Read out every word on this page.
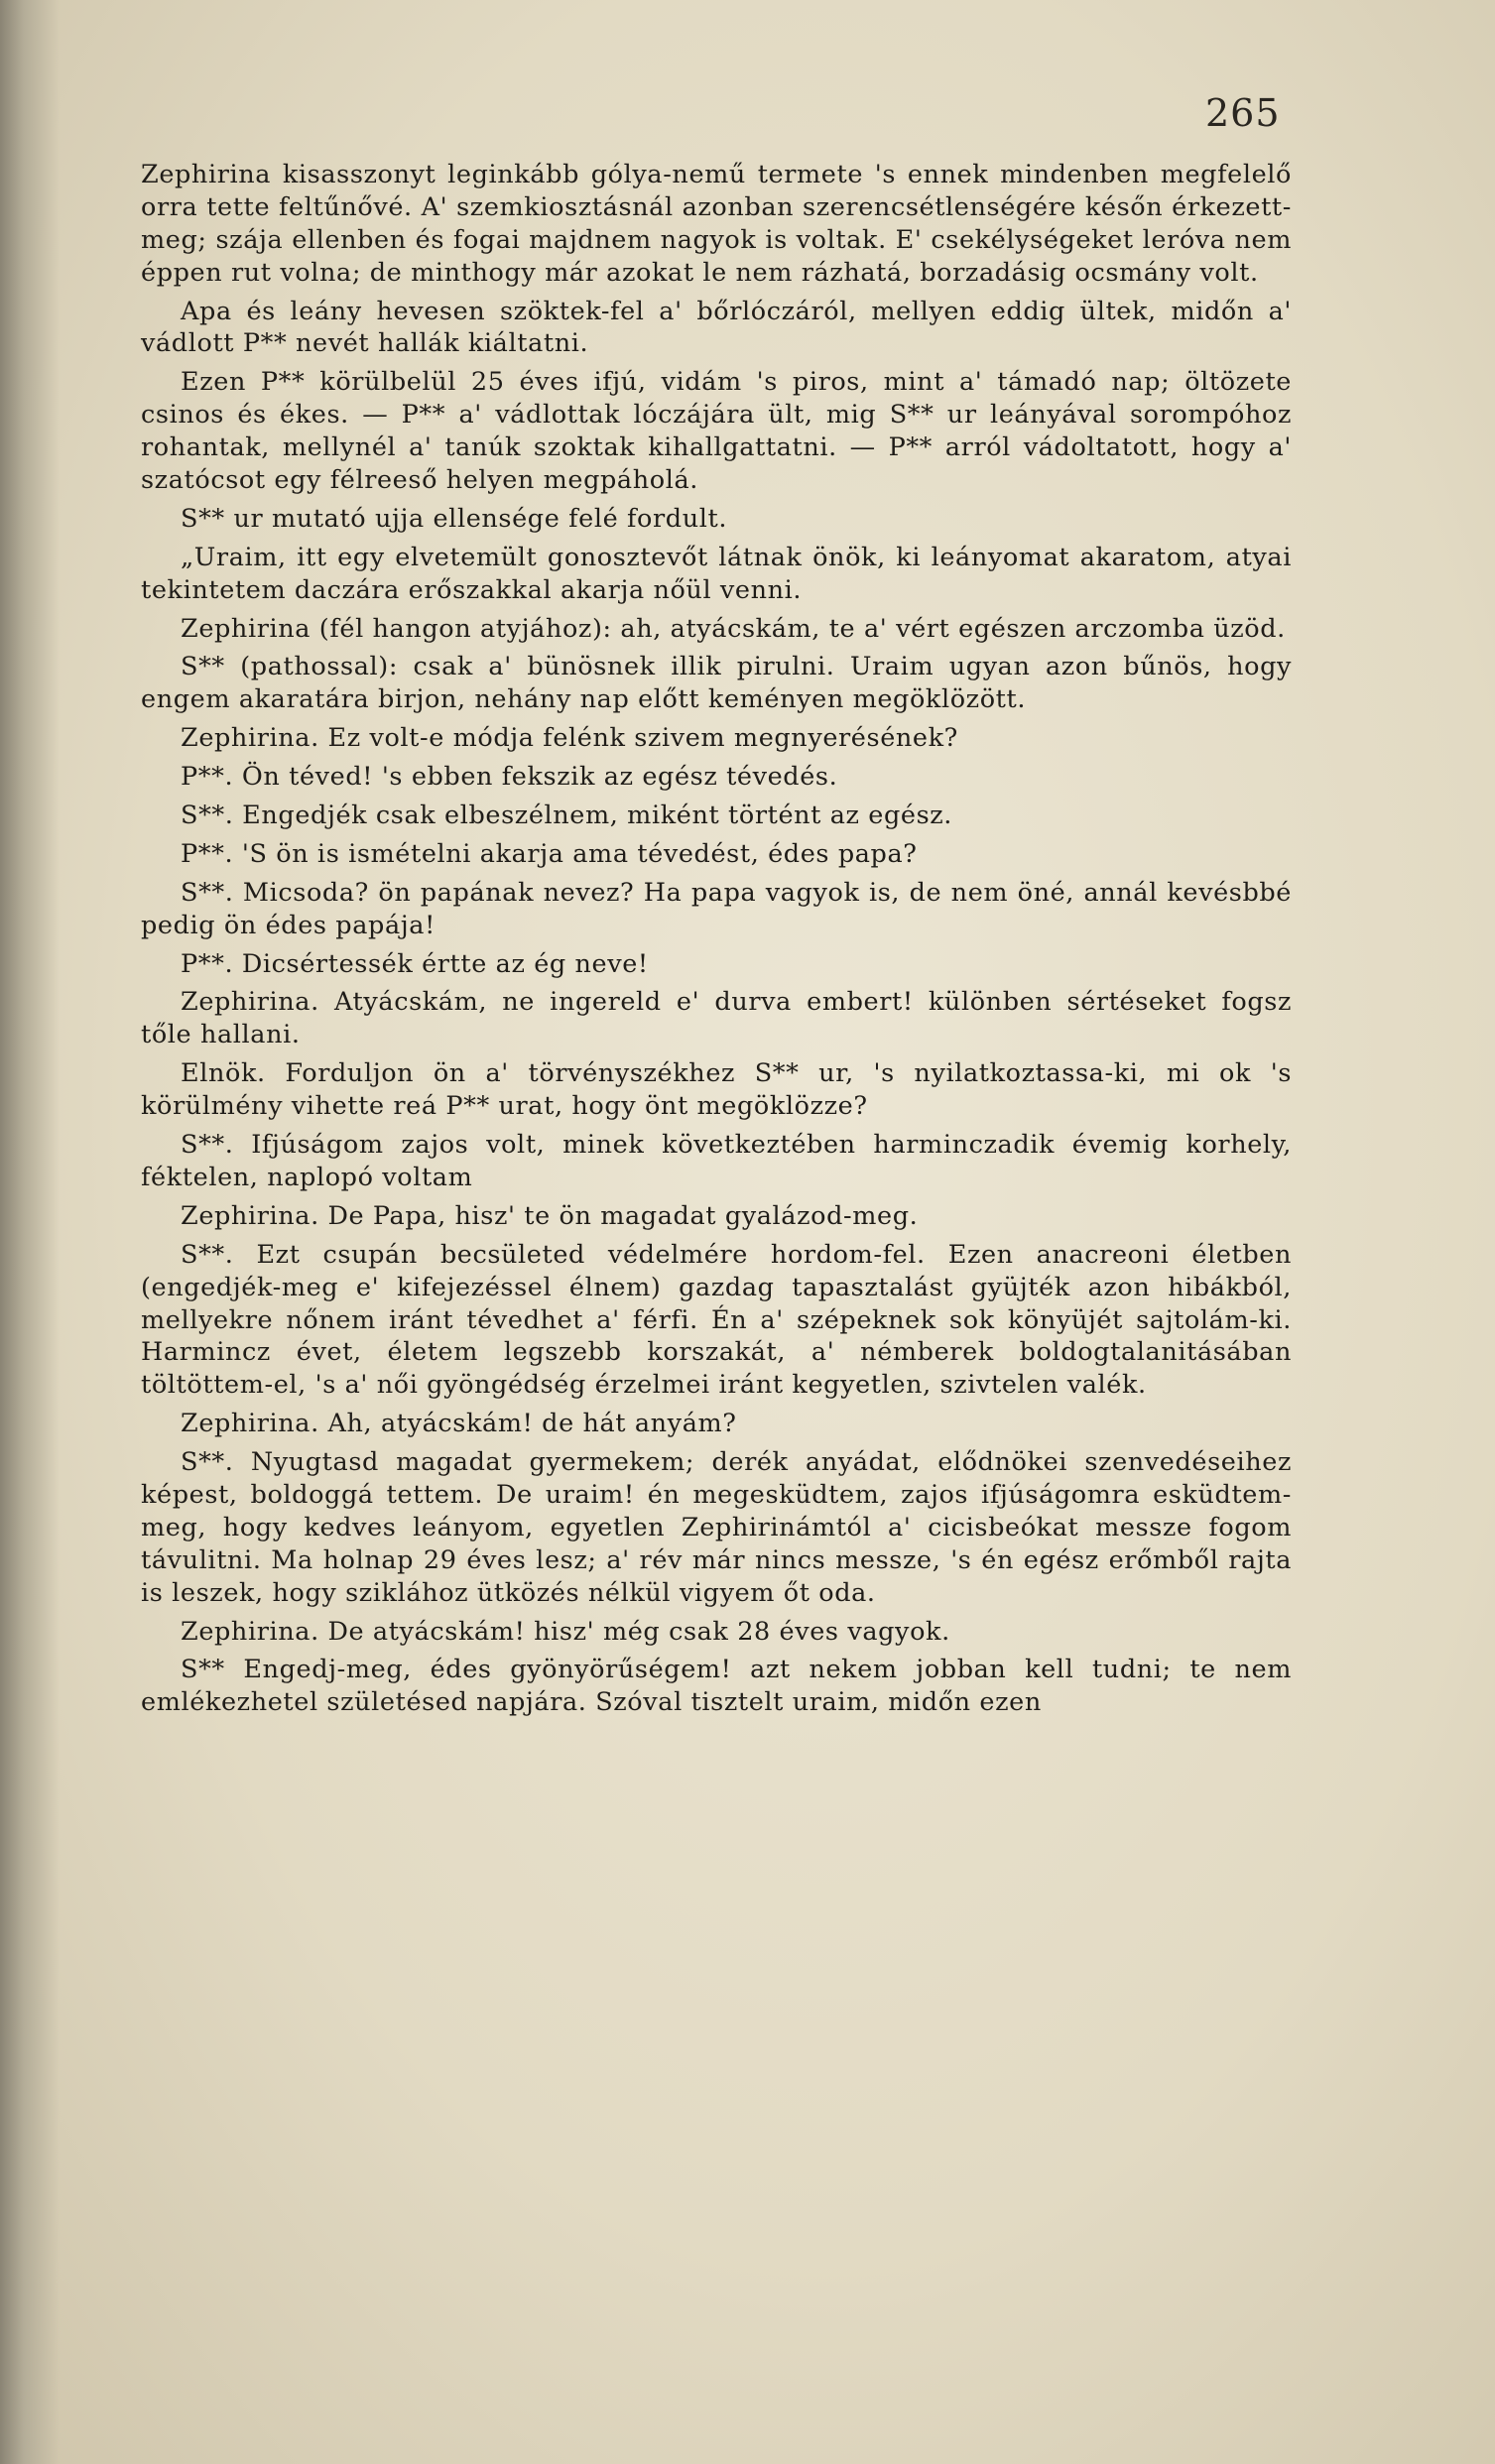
265

Zephirina kisasszonyt leginkább gólya-nemű termete 's ennek mindenben megfelelő orra tette feltűnővé. A' szemkiosztásnál azonban szerencsétlenségére későn érkezett-meg; szája ellenben és fogai majdnem nagyok is voltak. E' csekélységeket leróva nem éppen rut volna; de minthogy már azokat le nem rázhatá, borzadásig ocsmány volt.

Apa és leány hevesen szöktek-fel a' bőrlóczáról, mellyen eddig ültek, midőn a' vádlott P** nevét hallák kiáltatni.

Ezen P** körülbelül 25 éves ifjú, vidám 's piros, mint a' támadó nap; öltözete csinos és ékes. — P** a' vádlottak lóczájára ült, mig S** ur leányával sorompóhoz rohantak, mellynél a' tanúk szoktak kihallgattatni. — P** arról vádoltatott, hogy a' szatócsot egy félreeső helyen megpáholá.

S** ur mutató ujja ellensége felé fordult.

„Uraim, itt egy elvetemült gonosztevőt látnak önök, ki leányomat akaratom, atyai tekintetem daczára erőszakkal akarja nőül venni.

Zephirina (fél hangon atyjához): ah, atyácskám, te a' vért egészen arczomba üzöd.

S** (pathossal): csak a' bünösnek illik pirulni. Uraim ugyan azon bűnös, hogy engem akaratára birjon, nehány nap előtt keményen megöklözött.

Zephirina. Ez volt-e módja felénk szivem megnyerésének?

P**. Ön téved! 's ebben fekszik az egész tévedés.

S**. Engedjék csak elbeszélnem, miként történt az egész.

P**. 'S ön is ismételni akarja ama tévedést, édes papa?

S**. Micsoda? ön papának nevez? Ha papa vagyok is, de nem öné, annál kevésbbé pedig ön édes papája!

P**. Dicsértessék értte az ég neve!

Zephirina. Atyácskám, ne ingereld e' durva embert! különben sértéseket fogsz tőle hallani.

Elnök. Forduljon ön a' törvényszékhez S** ur, 's nyilatkoztassa-ki, mi ok 's körülmény vihette reá P** urat, hogy önt megöklözze?

S**. Ifjúságom zajos volt, minek következtében harminczadik évemig korhely, féktelen, naplopó voltam

Zephirina. De Papa, hisz' te ön magadat gyalázod-meg.

S**. Ezt csupán becsületed védelmére hordom-fel. Ezen anacreoni életben (engedjék-meg e' kifejezéssel élnem) gazdag tapasztalást gyüjték azon hibákból, mellyekre nőnem iránt tévedhet a' férfi. Én a' szépeknek sok könyüjét sajtolám-ki. Harmincz évet, életem legszebb korszakát, a' némberek boldogtalanitásában töltöttem-el, 's a' női gyöngédség érzelmei iránt kegyetlen, szivtelen valék.

Zephirina. Ah, atyácskám! de hát anyám?

S**. Nyugtasd magadat gyermekem; derék anyádat, elődnökei szenvedéseihez képest, boldoggá tettem. De uraim! én megesküdtem, zajos ifjúságomra esküdtem-meg, hogy kedves leányom, egyetlen Zephirinámtól a' cicisbeókat messze fogom távulitni. Ma holnap 29 éves lesz; a' rév már nincs messze, 's én egész erőmből rajta is leszek, hogy sziklához ütközés nélkül vigyem őt oda.

Zephirina. De atyácskám! hisz' még csak 28 éves vagyok.

S** Engedj-meg, édes gyönyörűségem! azt nekem jobban kell tudni; te nem emlékezhetel születésed napjára. Szóval tisztelt uraim, midőn ezen
